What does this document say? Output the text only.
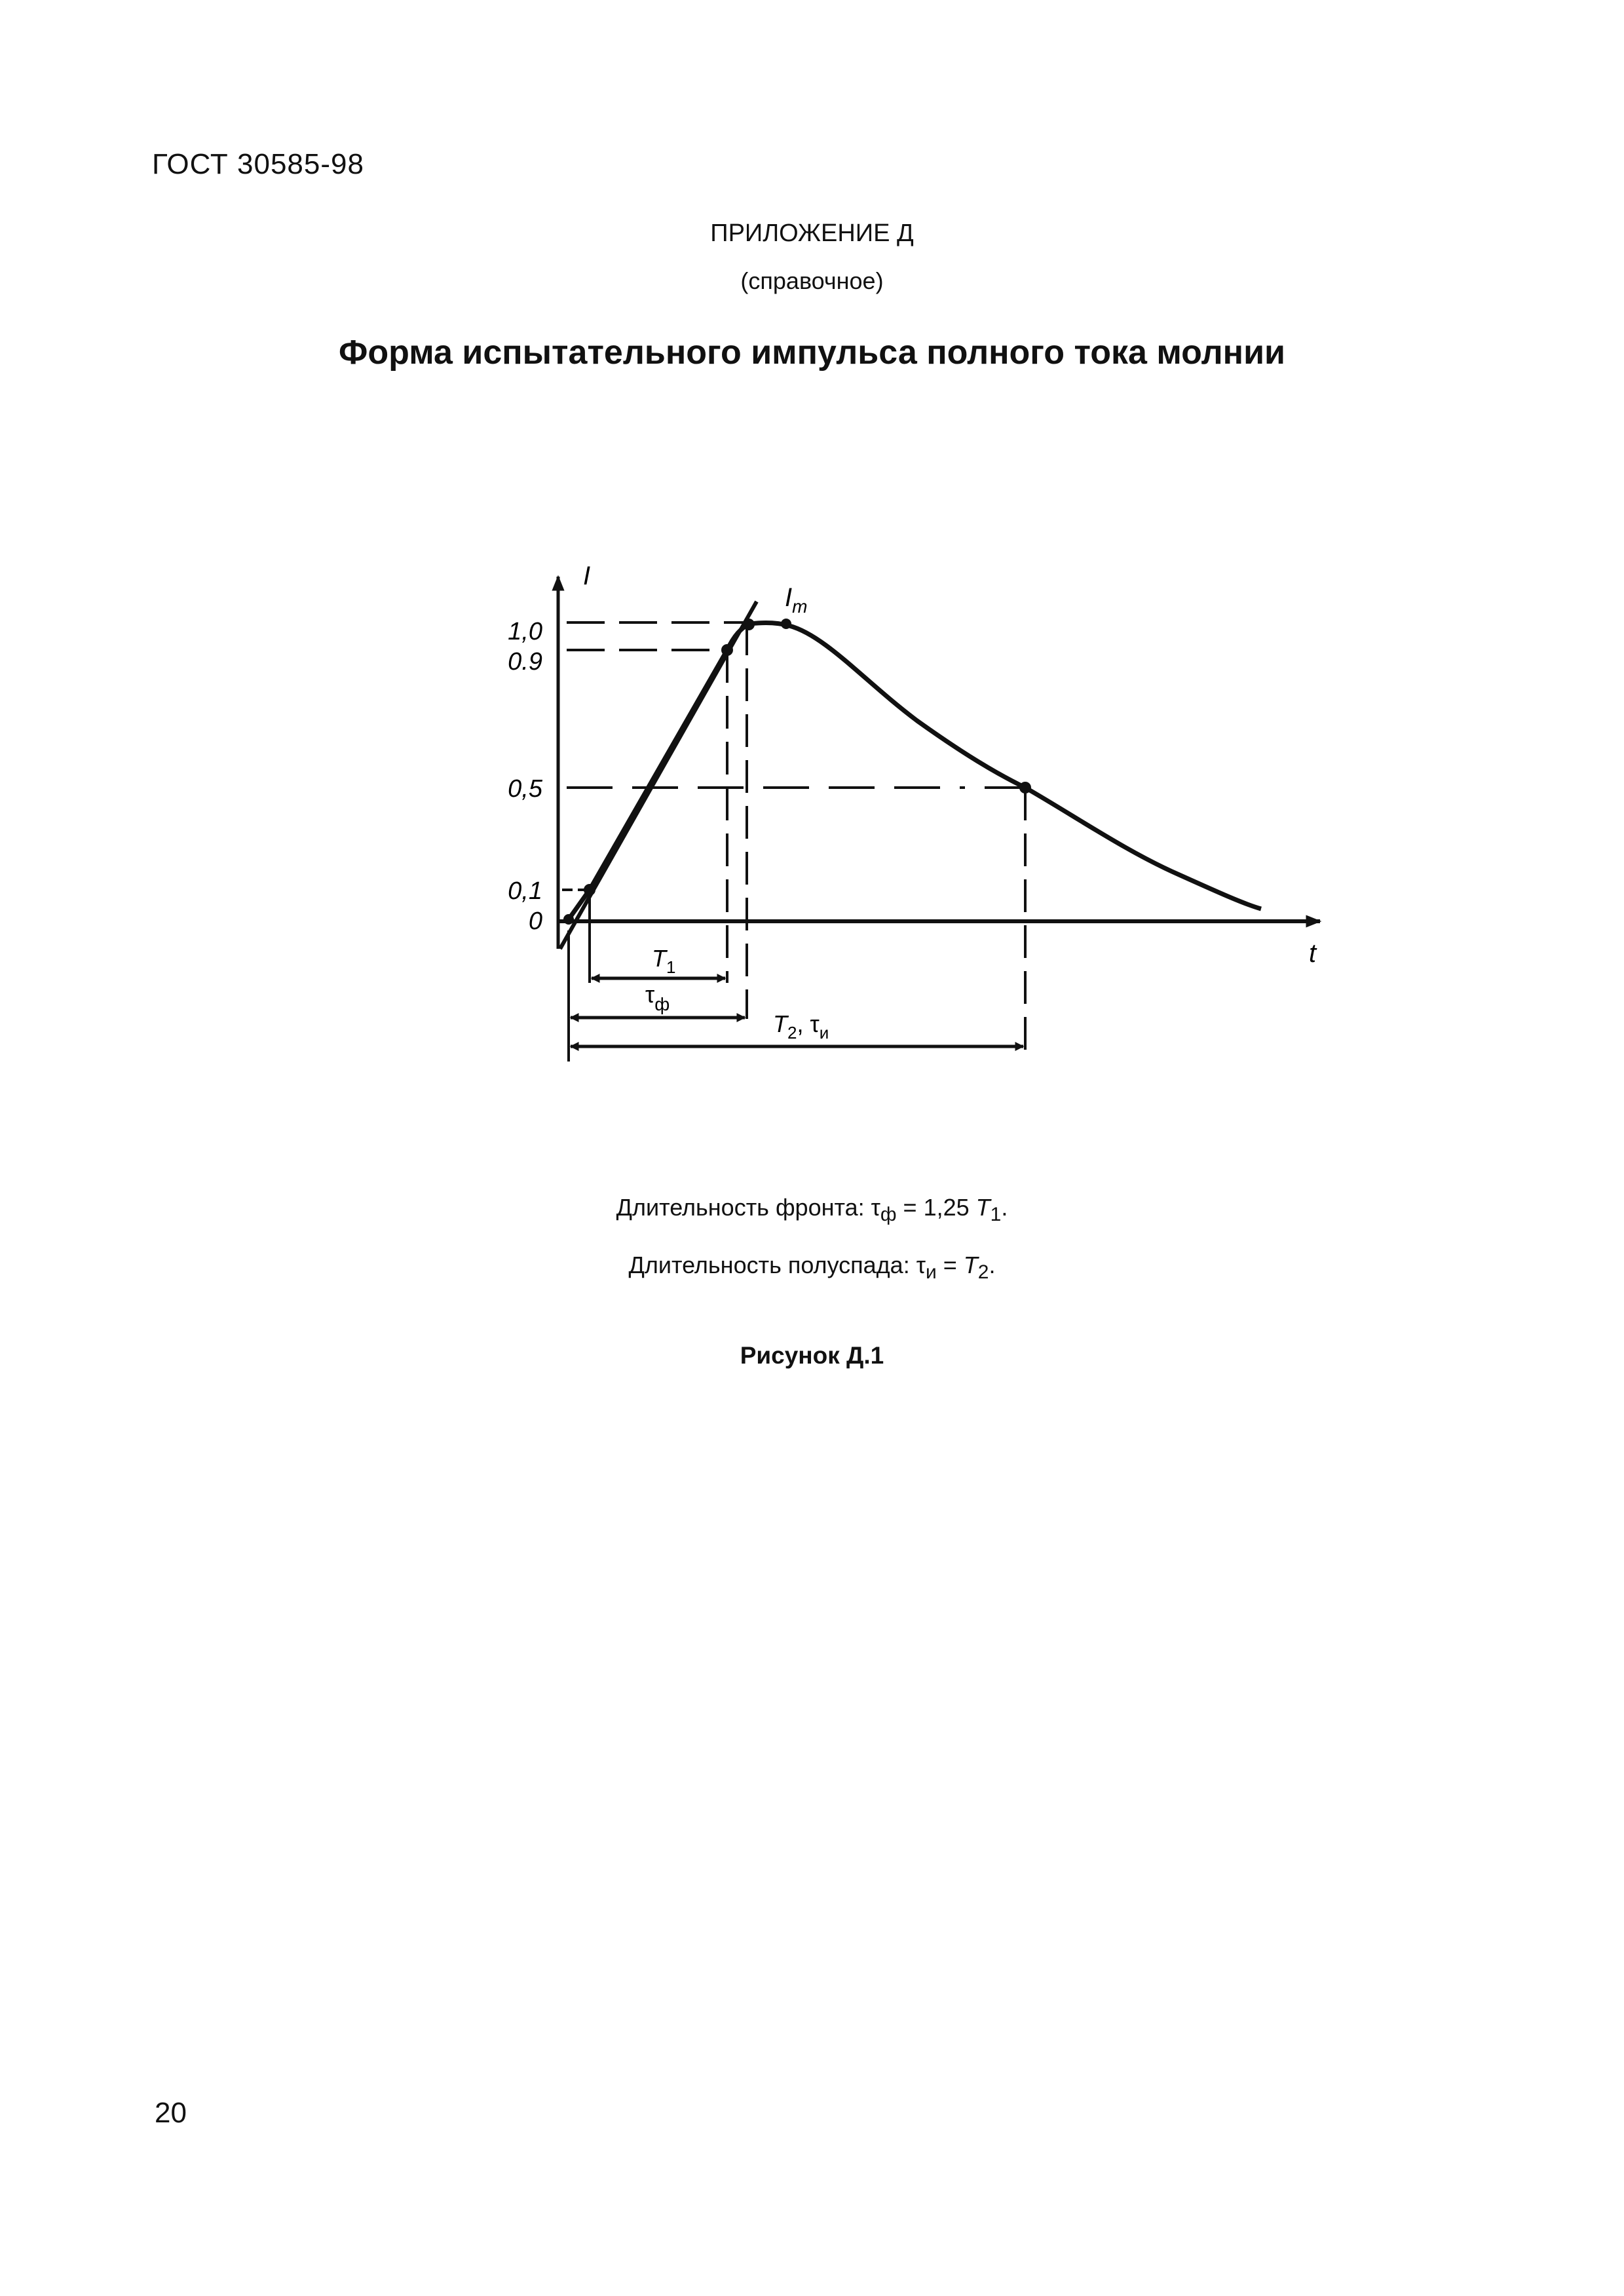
ГОСТ 30585-98
ПРИЛОЖЕНИЕ Д
(справочное)
Форма испытательного импульса полного тока молнии
I
t
$I_m$
1,0
0.9
0,5
0,1
0
$T_1$
$\tau_ф$
$T_2$, $\tau_и$
Длительность фронта: $\tau_ф = 1,25$ $T_1$.
Длительность полуспада: $\tau_и = T_2$.
Рисунок Д.1
20
